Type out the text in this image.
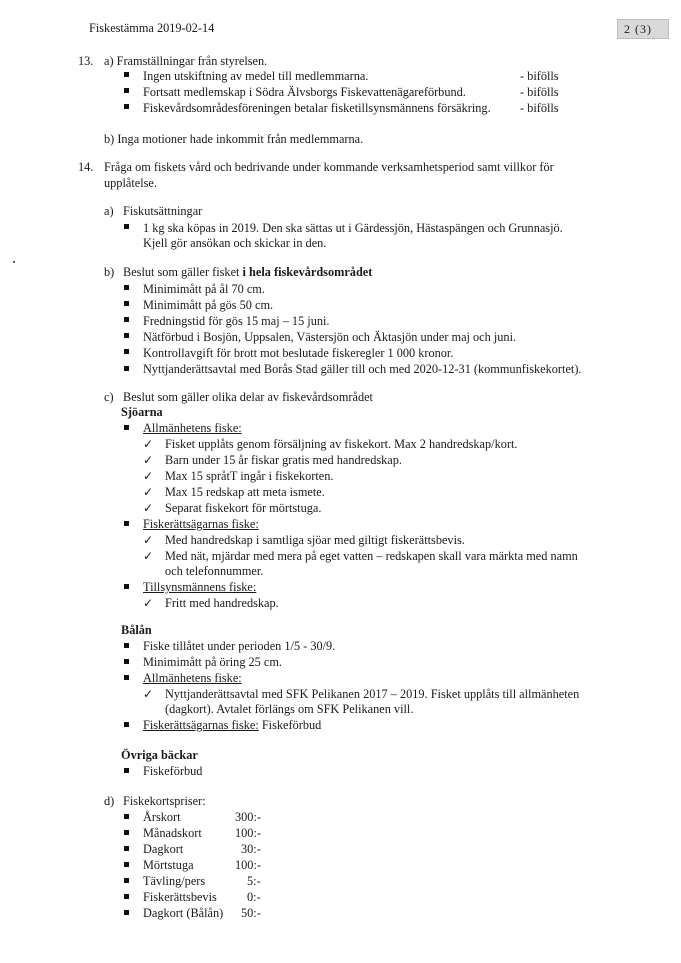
Fiskestämma 2019-02-14	2 (3)
13. a) Framställningar från styrelsen.
Ingen utskiftning av medel till medlemmarna.	- bifölls
Fortsatt medlemskap i Södra Älvsborgs Fiskevattenägareförbund.	- bifölls
Fiskevårdsområdesföreningen betalar fisketillsynsmännens försäkring. - bifölls
b) Inga motioner hade inkommit från medlemmarna.
14. Fråga om fiskets vård och bedrivande under kommande verksamhetsperiod samt villkor för
upplåtelse.
a) Fiskutsättningar
1 kg ska köpas in 2019. Den ska sättas ut i Gärdessjön, Hästaspängen och Grunnasjö.
Kjell gör ansökan och skickar in den.
b) Beslut som gäller fisket i hela fiskevårdsområdet
Minimimått på ål 70 cm.
Minimimått på gös 50 cm.
Fredningstid för gös 15 maj – 15 juni.
Nätförbud i Bosjön, Uppsalen, Västersjön och Äktasjön under maj och juni.
Kontrollavgift för brott mot beslutade fiskeregler 1 000 kronor.
Nyttjanderättsavtal med Borås Stad gäller till och med 2020-12-31 (kommunfiskekortet).
c) Beslut som gäller olika delar av fiskevårdsområdet
Sjöarna
Allmänhetens fiske:
✓ Fisket upplåts genom försäljning av fiskekort. Max 2 handredskap/kort.
✓ Barn under 15 år fiskar gratis med handredskap.
✓ Max 15 språtT ingår i fiskekorten.
✓ Max 15 redskap att meta ismete.
✓ Separat fiskekort för mörtstuga.
Fiskerättsägarnas fiske:
✓ Med handredskap i samtliga sjöar med giltigt fiskerättsbevis.
✓ Med nät, mjärdar med mera på eget vatten – redskapen skall vara märkta med namn
och telefonnummer.
Tillsynsmännens fiske:
✓ Fritt med handredskap.
Bålån
Fiske tillåtet under perioden 1/5 - 30/9.
Minimimått på öring 25 cm.
Allmänhetens fiske:
✓ Nyttjanderättsavtal med SFK Pelikanen 2017 – 2019. Fisket upplåts till allmänheten
(dagkort). Avtalet förlängs om SFK Pelikanen vill.
Fiskerättsägarnas fiske: Fiskeförbud
Övriga bäckar
Fiskeförbud
d) Fiskekortspriser:
Årskort	300:-
Månadskort	100:-
Dagkort	30:-
Mörtstuga	100:-
Tävling/pers	5:-
Fiskerättsbevis 0:-
Dagkort (Bålån) 50:-
